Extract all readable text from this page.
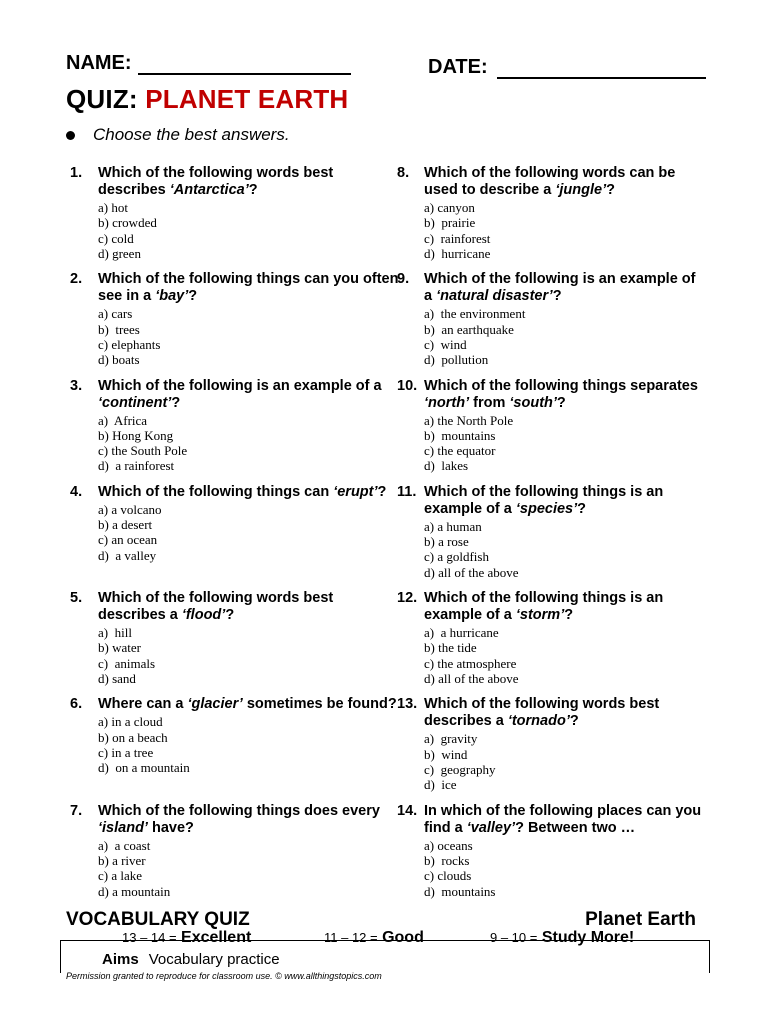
NAME:	DATE:
QUIZ: PLANET EARTH
Choose the best answers.
1. Which of the following words best describes ‘Antarctica’?
a) hot
b) crowded
c) cold
d) green
2. Which of the following things can you often see in a ‘bay’?
a) cars
b)  trees
c) elephants
d) boats
3. Which of the following is an example of a ‘continent’?
a)  Africa
b) Hong Kong
c) the South Pole
d)  a rainforest
4. Which of the following things can ‘erupt’?
a) a volcano
b) a desert
c) an ocean
d)  a valley
5. Which of the following words best describes a ‘flood’?
a)  hill
b) water
c)  animals
d) sand
6. Where can a ‘glacier’ sometimes be found?
a) in a cloud
b) on a beach
c) in a tree
d)  on a mountain
7. Which of the following things does every ‘island’ have?
a)  a coast
b) a river
c) a lake
d) a mountain
8. Which of the following words can be used to describe a ‘jungle’?
a) canyon
b)  prairie
c)  rainforest
d)  hurricane
9. Which of the following is an example of a ‘natural disaster’?
a)  the environment
b)  an earthquake
c)  wind
d)  pollution
10. Which of the following things separates ‘north’ from ‘south’?
a) the North Pole
b)  mountains
c) the equator
d)  lakes
11. Which of the following things is an example of a ‘species’?
a) a human
b) a rose
c) a goldfish
d) all of the above
12. Which of the following things is an example of a ‘storm’?
a)  a hurricane
b) the tide
c) the atmosphere
d) all of the above
13. Which of the following words best describes a ‘tornado’?
a)  gravity
b)  wind
c)  geography
d)  ice
14. In which of the following places can you find a ‘valley’? Between two …
a) oceans
b)  rocks
c) clouds
d)  mountains
VOCABULARY QUIZ	Planet Earth
13 – 14 = Excellent	11 – 12 = Good	9 – 10 = Study More!
Aims Vocabulary practice
Permission granted to reproduce for classroom use. © www.allthingstopics.com
